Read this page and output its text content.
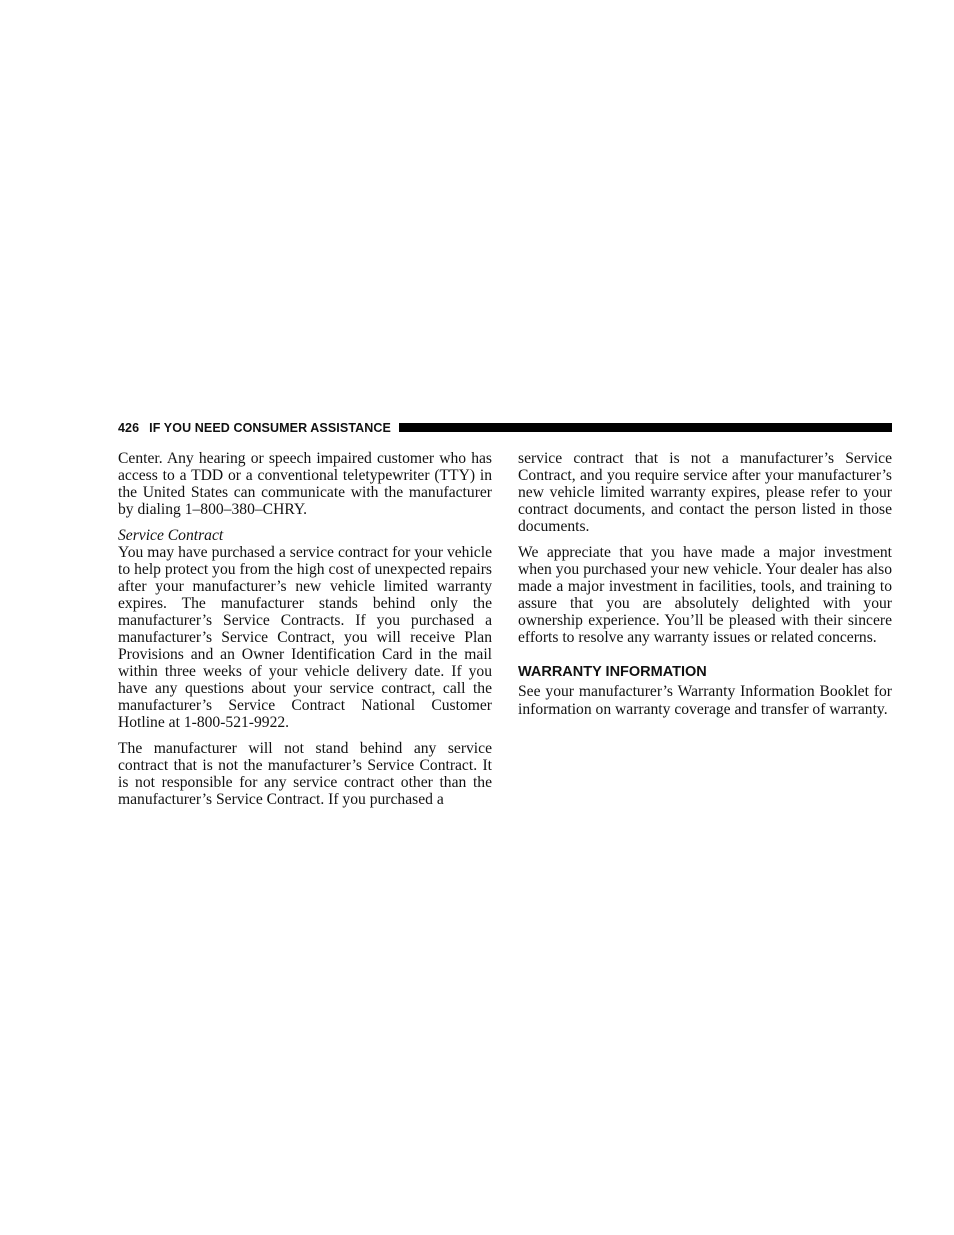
426 IF YOU NEED CONSUMER ASSISTANCE

Center. Any hearing or speech impaired customer who has access to a TDD or a conventional teletypewriter (TTY) in the United States can communicate with the manufacturer by dialing 1–800–380–CHRY.

Service Contract

You may have purchased a service contract for your vehicle to help protect you from the high cost of unexpected repairs after your manufacturer’s new vehicle limited warranty expires. The manufacturer stands behind only the manufacturer’s Service Contracts. If you purchased a manufacturer’s Service Contract, you will receive Plan Provisions and an Owner Identification Card in the mail within three weeks of your vehicle delivery date. If you have any questions about your service contract, call the manufacturer’s Service Contract National Customer Hotline at 1-800-521-9922.

The manufacturer will not stand behind any service contract that is not the manufacturer’s Service Contract. It is not responsible for any service contract other than the manufacturer’s Service Contract. If you purchased a

service contract that is not a manufacturer’s Service Contract, and you require service after your manufacturer’s new vehicle limited warranty expires, please refer to your contract documents, and contact the person listed in those documents.

We appreciate that you have made a major investment when you purchased your new vehicle. Your dealer has also made a major investment in facilities, tools, and training to assure that you are absolutely delighted with your ownership experience. You’ll be pleased with their sincere efforts to resolve any warranty issues or related concerns.

WARRANTY INFORMATION

See your manufacturer’s Warranty Information Booklet for information on warranty coverage and transfer of warranty.
